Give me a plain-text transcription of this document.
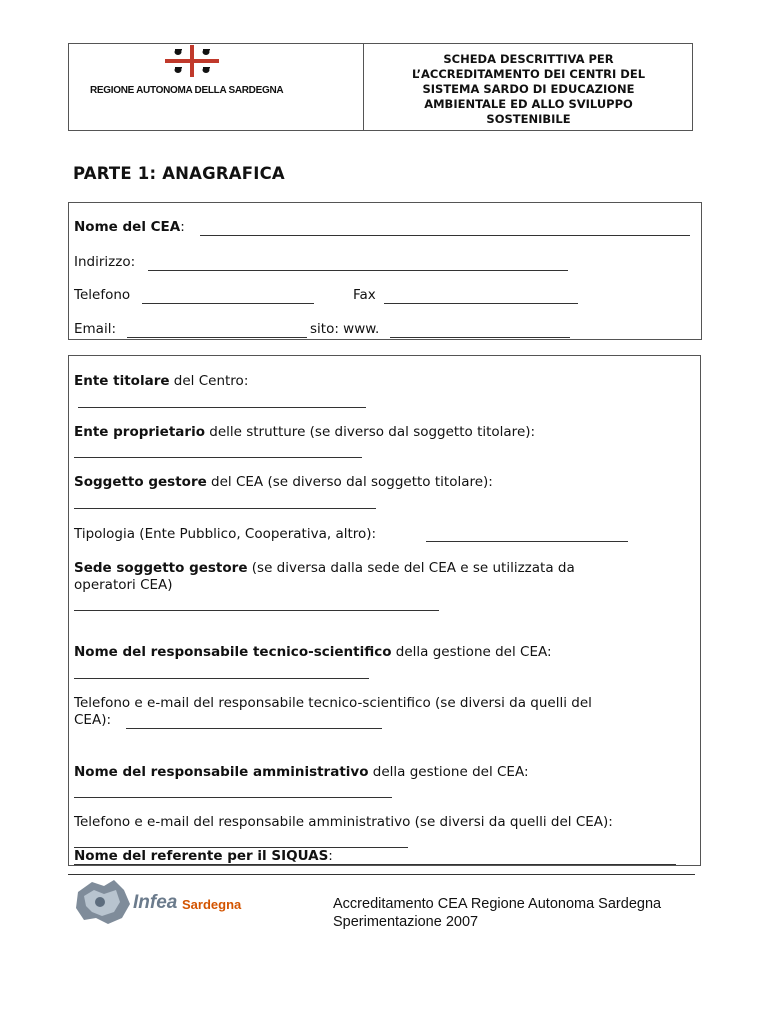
REGIONE AUTONOMA DELLA SARDEGNA
SCHEDA DESCRITTIVA PER
L’ACCREDITAMENTO DEI CENTRI DEL
SISTEMA SARDO DI EDUCAZIONE
AMBIENTALE ED ALLO SVILUPPO
SOSTENIBILE
PARTE 1: ANAGRAFICA
Nome del CEA:
Indirizzo:
Telefono	Fax
Email:	sito: www.
Ente titolare del Centro:
Ente proprietario delle strutture (se diverso dal soggetto titolare):
Soggetto gestore del CEA (se diverso dal soggetto titolare):
Tipologia (Ente Pubblico, Cooperativa, altro):
Sede soggetto gestore (se diversa dalla sede del CEA e se utilizzata da
operatori CEA)
Nome del responsabile tecnico-scientifico della gestione del CEA:
Telefono e e-mail del responsabile tecnico-scientifico (se diversi da quelli del
CEA):
Nome del responsabile amministrativo della gestione del CEA:
Telefono e e-mail del responsabile amministrativo (se diversi da quelli del CEA):
Nome del referente per il SIQUAS:
Infea Sardegna	Accreditamento CEA Regione Autonoma Sardegna
Sperimentazione 2007
